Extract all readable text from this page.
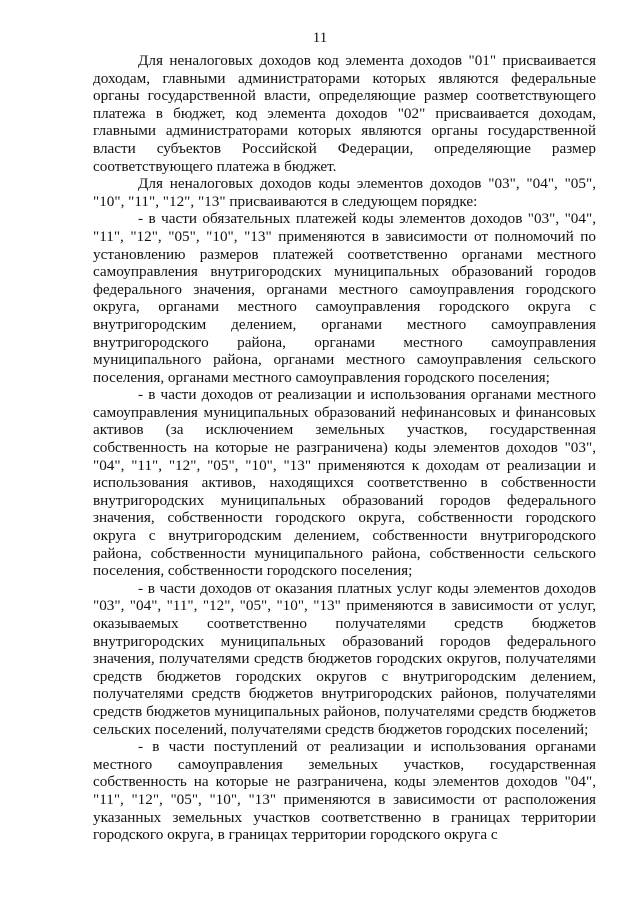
11

Для неналоговых доходов код элемента доходов "01" присваивается доходам, главными администраторами которых являются федеральные органы государственной власти, определяющие размер соответствующего платежа в бюджет, код элемента доходов "02" присваивается доходам, главными администраторами которых являются органы государственной власти субъектов Российской Федерации, определяющие размер соответствующего платежа в бюджет.

Для неналоговых доходов коды элементов доходов "03", "04", "05", "10", "11", "12", "13" присваиваются в следующем порядке:

- в части обязательных платежей коды элементов доходов "03", "04", "11", "12", "05", "10", "13" применяются в зависимости от полномочий по установлению размеров платежей соответственно органами местного самоуправления внутригородских муниципальных образований городов федерального значения, органами местного самоуправления городского округа, органами местного самоуправления городского округа с внутригородским делением, органами местного самоуправления внутригородского района, органами местного самоуправления муниципального района, органами местного самоуправления сельского поселения, органами местного самоуправления городского поселения;

- в части доходов от реализации и использования органами местного самоуправления муниципальных образований нефинансовых и финансовых активов (за исключением земельных участков, государственная собственность на которые не разграничена) коды элементов доходов "03", "04", "11", "12", "05", "10", "13" применяются к доходам от реализации и использования активов, находящихся соответственно в собственности внутригородских муниципальных образований городов федерального значения, собственности городского округа, собственности городского округа с внутригородским делением, собственности внутригородского района, собственности муниципального района, собственности сельского поселения, собственности городского поселения;

- в части доходов от оказания платных услуг коды элементов доходов "03", "04", "11", "12", "05", "10", "13" применяются в зависимости от услуг, оказываемых соответственно получателями средств бюджетов внутригородских муниципальных образований городов федерального значения, получателями средств бюджетов городских округов, получателями средств бюджетов городских округов с внутригородским делением, получателями средств бюджетов внутригородских районов, получателями средств бюджетов муниципальных районов, получателями средств бюджетов сельских поселений, получателями средств бюджетов городских поселений;

- в части поступлений от реализации и использования органами местного самоуправления земельных участков, государственная собственность на которые не разграничена, коды элементов доходов "04", "11", "12", "05", "10", "13" применяются в зависимости от расположения указанных земельных участков соответственно в границах территории городского округа, в границах территории городского округа с
